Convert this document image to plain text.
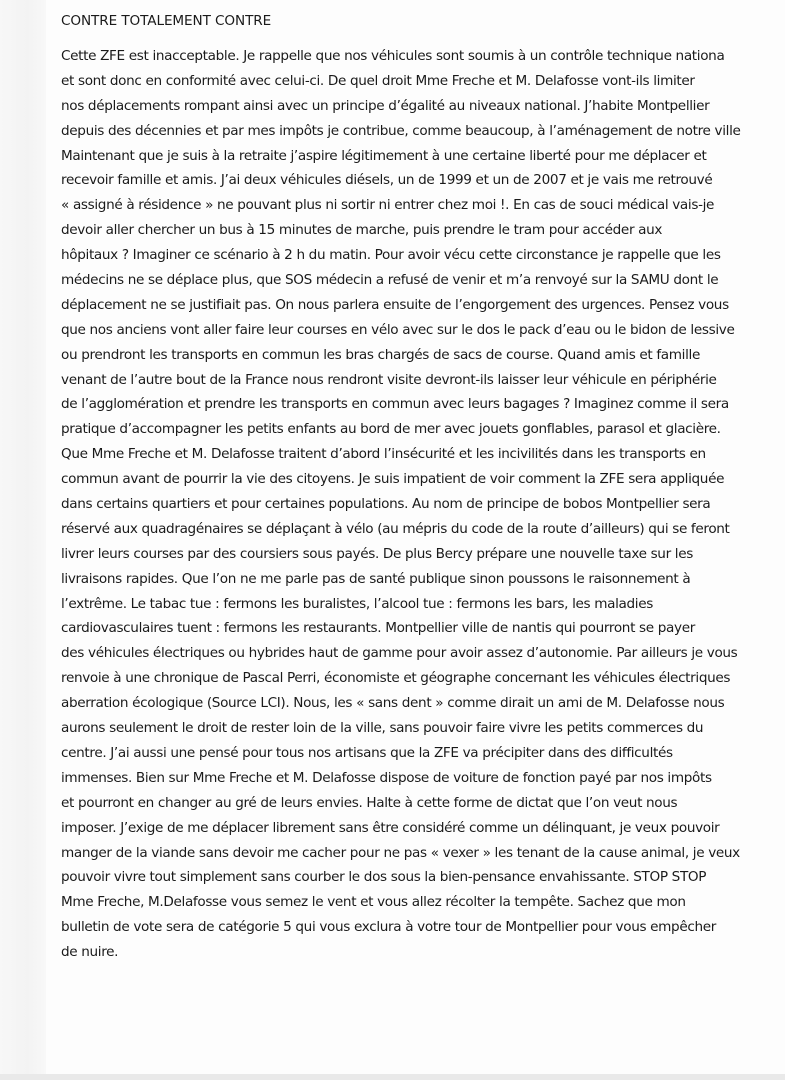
CONTRE TOTALEMENT CONTRE
Cette ZFE est inacceptable. Je rappelle que nos véhicules sont soumis à un contrôle technique nationa
et sont donc en conformité avec celui-ci. De quel droit Mme Freche et M. Delafosse vont-ils limiter
nos déplacements rompant ainsi avec un principe d’égalité au niveaux national. J’habite Montpellier
depuis des décennies et par mes impôts je contribue, comme beaucoup, à l’aménagement de notre ville
Maintenant que je suis à la retraite j’aspire légitimement à une certaine liberté pour me déplacer et
recevoir famille et amis. J’ai deux véhicules diésels, un de 1999 et un de 2007 et je vais me retrouvé
« assigné à résidence » ne pouvant plus ni sortir ni entrer chez moi !. En cas de souci médical vais-je
devoir aller chercher un bus à 15 minutes de marche, puis prendre le tram pour accéder aux
hôpitaux ? Imaginer ce scénario à 2 h du matin. Pour avoir vécu cette circonstance je rappelle que les
médecins ne se déplace plus, que SOS médecin a refusé de venir et m’a renvoyé sur la SAMU dont le
déplacement ne se justifiait pas. On nous parlera ensuite de l’engorgement des urgences. Pensez vous
que nos anciens vont aller faire leur courses en vélo avec sur le dos le pack d’eau ou le bidon de lessive
ou prendront les transports en commun les bras chargés de sacs de course. Quand amis et famille
venant de l’autre bout de la France nous rendront visite devront-ils laisser leur véhicule en périphérie
de l’agglomération et prendre les transports en commun avec leurs bagages ? Imaginez comme il sera
pratique d’accompagner les petits enfants au bord de mer avec jouets gonflables, parasol et glacière.
Que Mme Freche et M. Delafosse traitent d’abord l’insécurité et les incivilités dans les transports en
commun avant de pourrir la vie des citoyens. Je suis impatient de voir comment la ZFE sera appliquée
dans certains quartiers et pour certaines populations. Au nom de principe de bobos Montpellier sera
réservé aux quadragénaires se déplaçant à vélo (au mépris du code de la route d’ailleurs) qui se feront
livrer leurs courses par des coursiers sous payés. De plus Bercy prépare une nouvelle taxe sur les
livraisons rapides. Que l’on ne me parle pas de santé publique sinon poussons le raisonnement à
l’extrême. Le tabac tue : fermons les buralistes, l’alcool tue : fermons les bars, les maladies
cardiovasculaires tuent : fermons les restaurants. Montpellier ville de nantis qui pourront se payer
des véhicules électriques ou hybrides haut de gamme pour avoir assez d’autonomie. Par ailleurs je vous
renvoie à une chronique de Pascal Perri, économiste et géographe concernant les véhicules électriques
aberration écologique (Source LCI). Nous, les « sans dent » comme dirait un ami de M. Delafosse nous
aurons seulement le droit de rester loin de la ville, sans pouvoir faire vivre les petits commerces du
centre. J’ai aussi une pensé pour tous nos artisans que la ZFE va précipiter dans des difficultés
immenses. Bien sur Mme Freche et M. Delafosse dispose de voiture de fonction payé par nos impôts
et pourront en changer au gré de leurs envies. Halte à cette forme de dictat que l’on veut nous
imposer. J’exige de me déplacer librement sans être considéré comme un délinquant, je veux pouvoir
manger de la viande sans devoir me cacher pour ne pas « vexer » les tenant de la cause animal, je veux
pouvoir vivre tout simplement sans courber le dos sous la bien-pensance envahissante. STOP STOP
Mme Freche, M.Delafosse vous semez le vent et vous allez récolter la tempête. Sachez que mon
bulletin de vote sera de catégorie 5 qui vous exclura à votre tour de Montpellier pour vous empêcher
de nuire.
